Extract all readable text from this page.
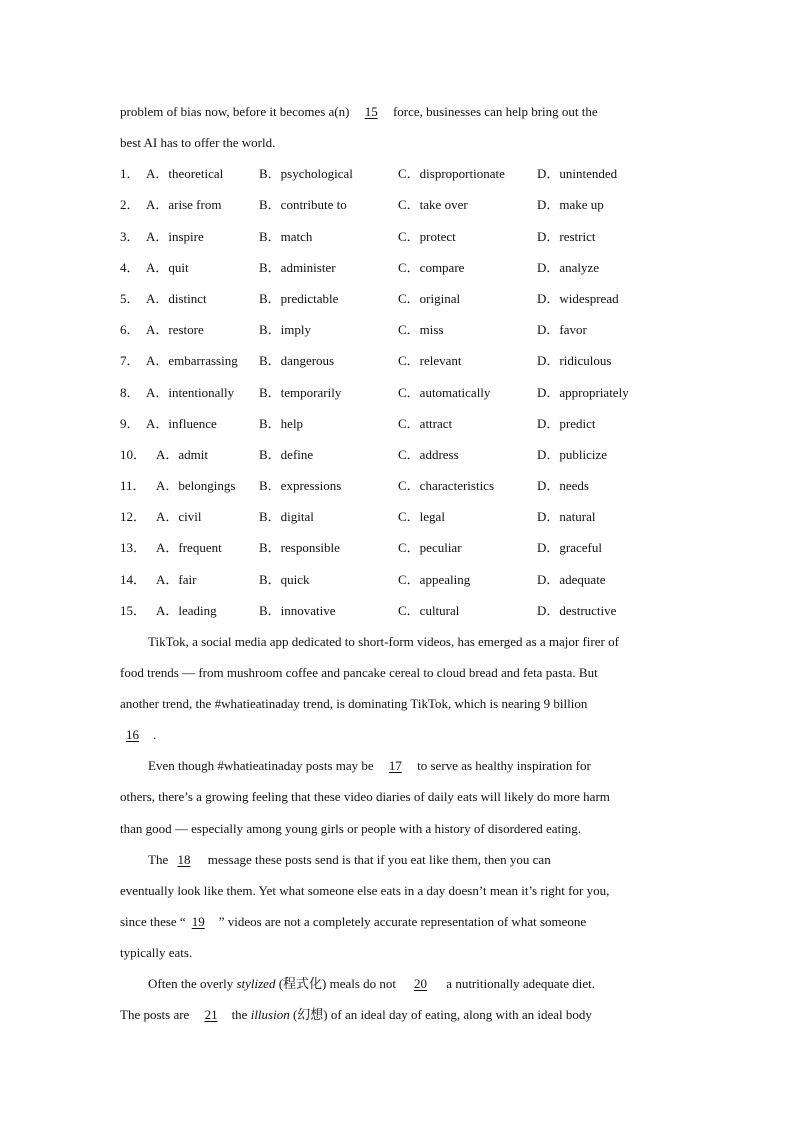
problem of bias now, before it becomes a(n) 15 force, businesses can help bring out the
best AI has to offer the world.
1． A．theoretical	B．psychological	C．disproportionate	D．unintended
2． A．arise from	B．contribute to	C．take over	D．make up
3． A．inspire	B．match	C．protect	D．restrict
4． A．quit	B．administer	C．compare	D．analyze
5． A．distinct	B．predictable	C．original	D．widespread
6． A．restore	B．imply	C．miss	D．favor
7． A．embarrassing	B．dangerous	C．relevant	D．ridiculous
8． A．intentionally	B．temporarily	C．automatically	D．appropriately
9． A．influence	B．help	C．attract	D．predict
10． A．admit	B．define	C．address	D．publicize
11． A．belongings	B．expressions	C．characteristics	D．needs
12． A．civil	B．digital	C．legal	D．natural
13． A．frequent	B．responsible	C．peculiar	D．graceful
14． A．fair	B．quick	C．appealing	D．adequate
15． A．leading	B．innovative	C．cultural	D．destructive
TikTok, a social media app dedicated to short-form videos, has emerged as a major firer of
food trends — from mushroom coffee and pancake cereal to cloud bread and feta pasta. But
another trend, the #whatieatinaday trend, is dominating TikTok, which is nearing 9 billion
16 .
Even though #whatieatinaday posts may be 17 to serve as healthy inspiration for
others, there’s a growing feeling that these video diaries of daily eats will likely do more harm
than good — especially among young girls or people with a history of disordered eating.
The 18 message these posts send is that if you eat like them, then you can
eventually look like them. Yet what someone else eats in a day doesn’t mean it’s right for you,
since these “ 19 ” videos are not a completely accurate representation of what someone
typically eats.
Often the overly stylized (程式化) meals do not 20 a nutritionally adequate diet.
The posts are 21 the illusion (幻想) of an ideal day of eating, along with an ideal body
